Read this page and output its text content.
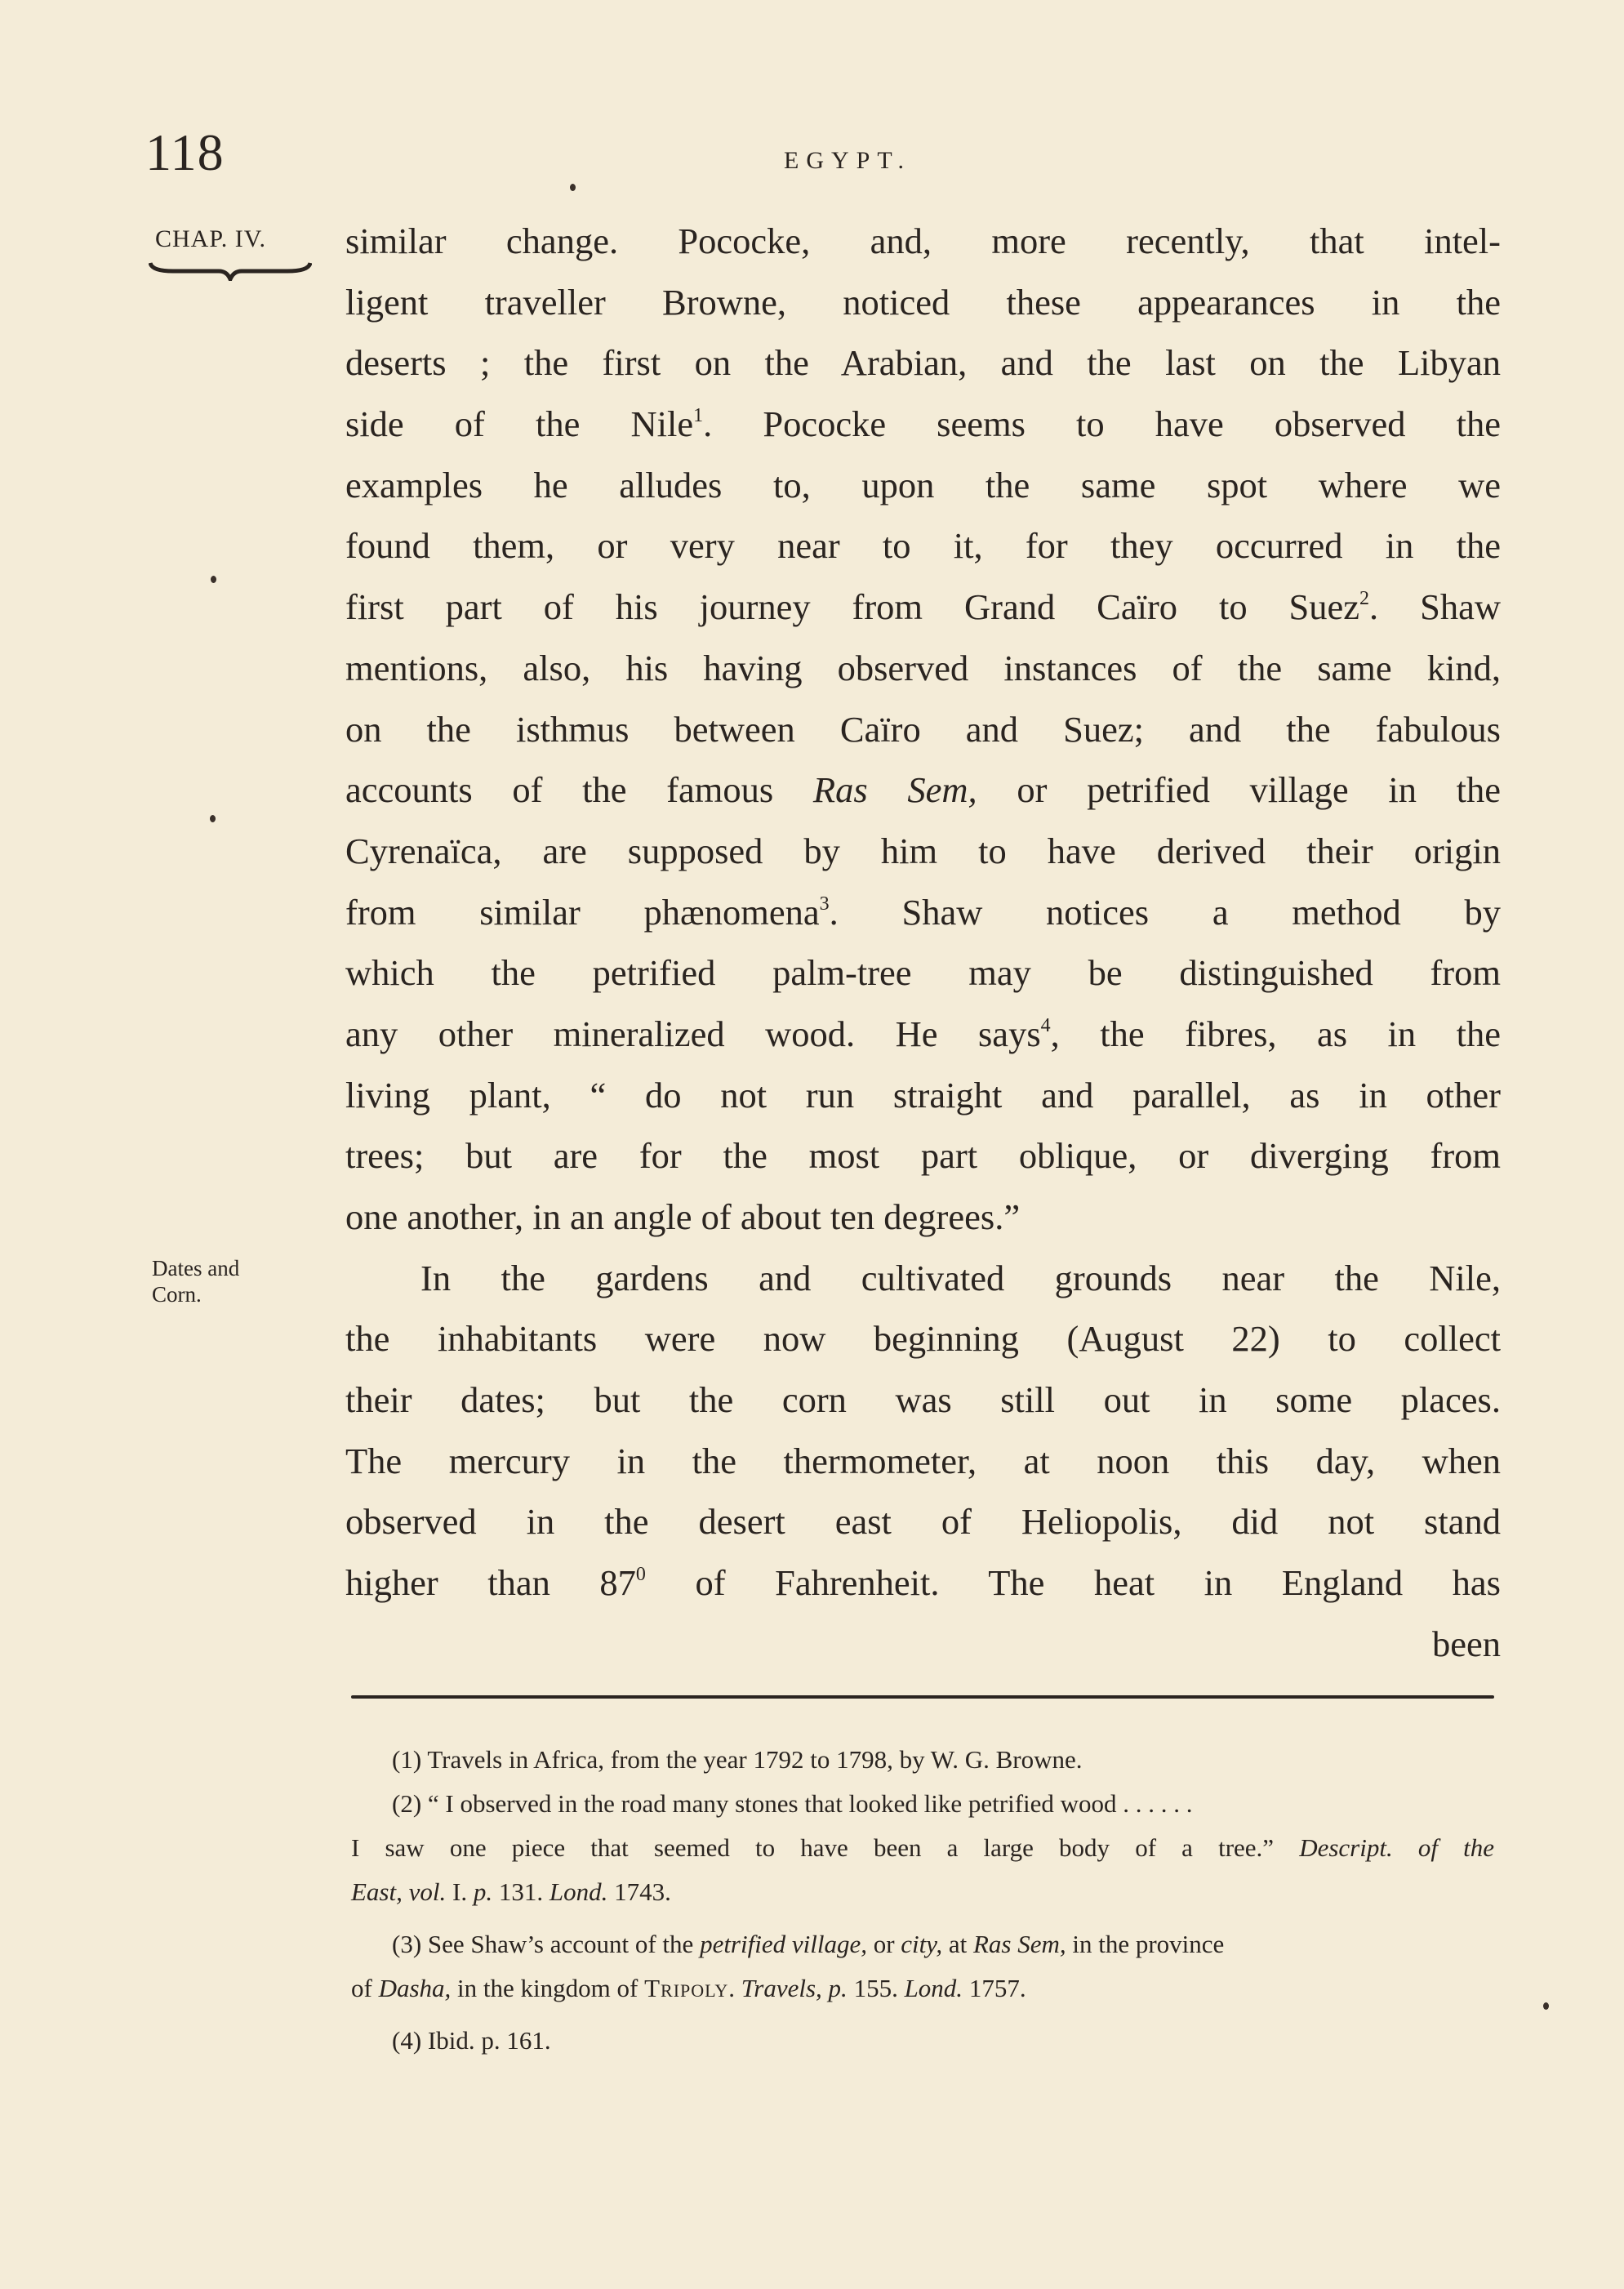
118	EGYPT.
CHAP. IV.
Dates and
Corn.
similar change. Pococke, and, more recently, that intel-
ligent traveller Browne, noticed these appearances in the
deserts ; the first on the Arabian, and the last on the Libyan
side of the Nile$^1$. Pococke seems to have observed the
examples he alludes to, upon the same spot where we
found them, or very near to it, for they occurred in the
first part of his journey from Grand Caïro to Suez$^2$. Shaw
mentions, also, his having observed instances of the same kind,
on the isthmus between Caïro and Suez; and the fabulous
accounts of the famous Ras Sem, or petrified village in the
Cyrenaïca, are supposed by him to have derived their origin
from similar phænomena$^3$. Shaw notices a method by
which the petrified palm-tree may be distinguished from
any other mineralized wood. He says$^4$, the fibres, as in the
living plant, “ do not run straight and parallel, as in other
trees; but are for the most part oblique, or diverging from
one another, in an angle of about ten degrees.”
In the gardens and cultivated grounds near the Nile,
the inhabitants were now beginning (August 22) to collect
their dates; but the corn was still out in some places.
The mercury in the thermometer, at noon this day, when
observed in the desert east of Heliopolis, did not stand
higher than $87^0$ of Fahrenheit. The heat in England has
been
(1) Travels in Africa, from the year 1792 to 1798, by W. G. Browne.
(2) “ I observed in the road many stones that looked like petrified wood . . . . . .
I saw one piece that seemed to have been a large body of a tree.” Descript. of the
East, vol. I. p. 131. Lond. 1743.
(3) See Shaw’s account of the petrified village, or city, at Ras Sem, in the province
of Dasha, in the kingdom of Tripoly. Travels, p. 155. Lond. 1757.
(4) Ibid. p. 161.
